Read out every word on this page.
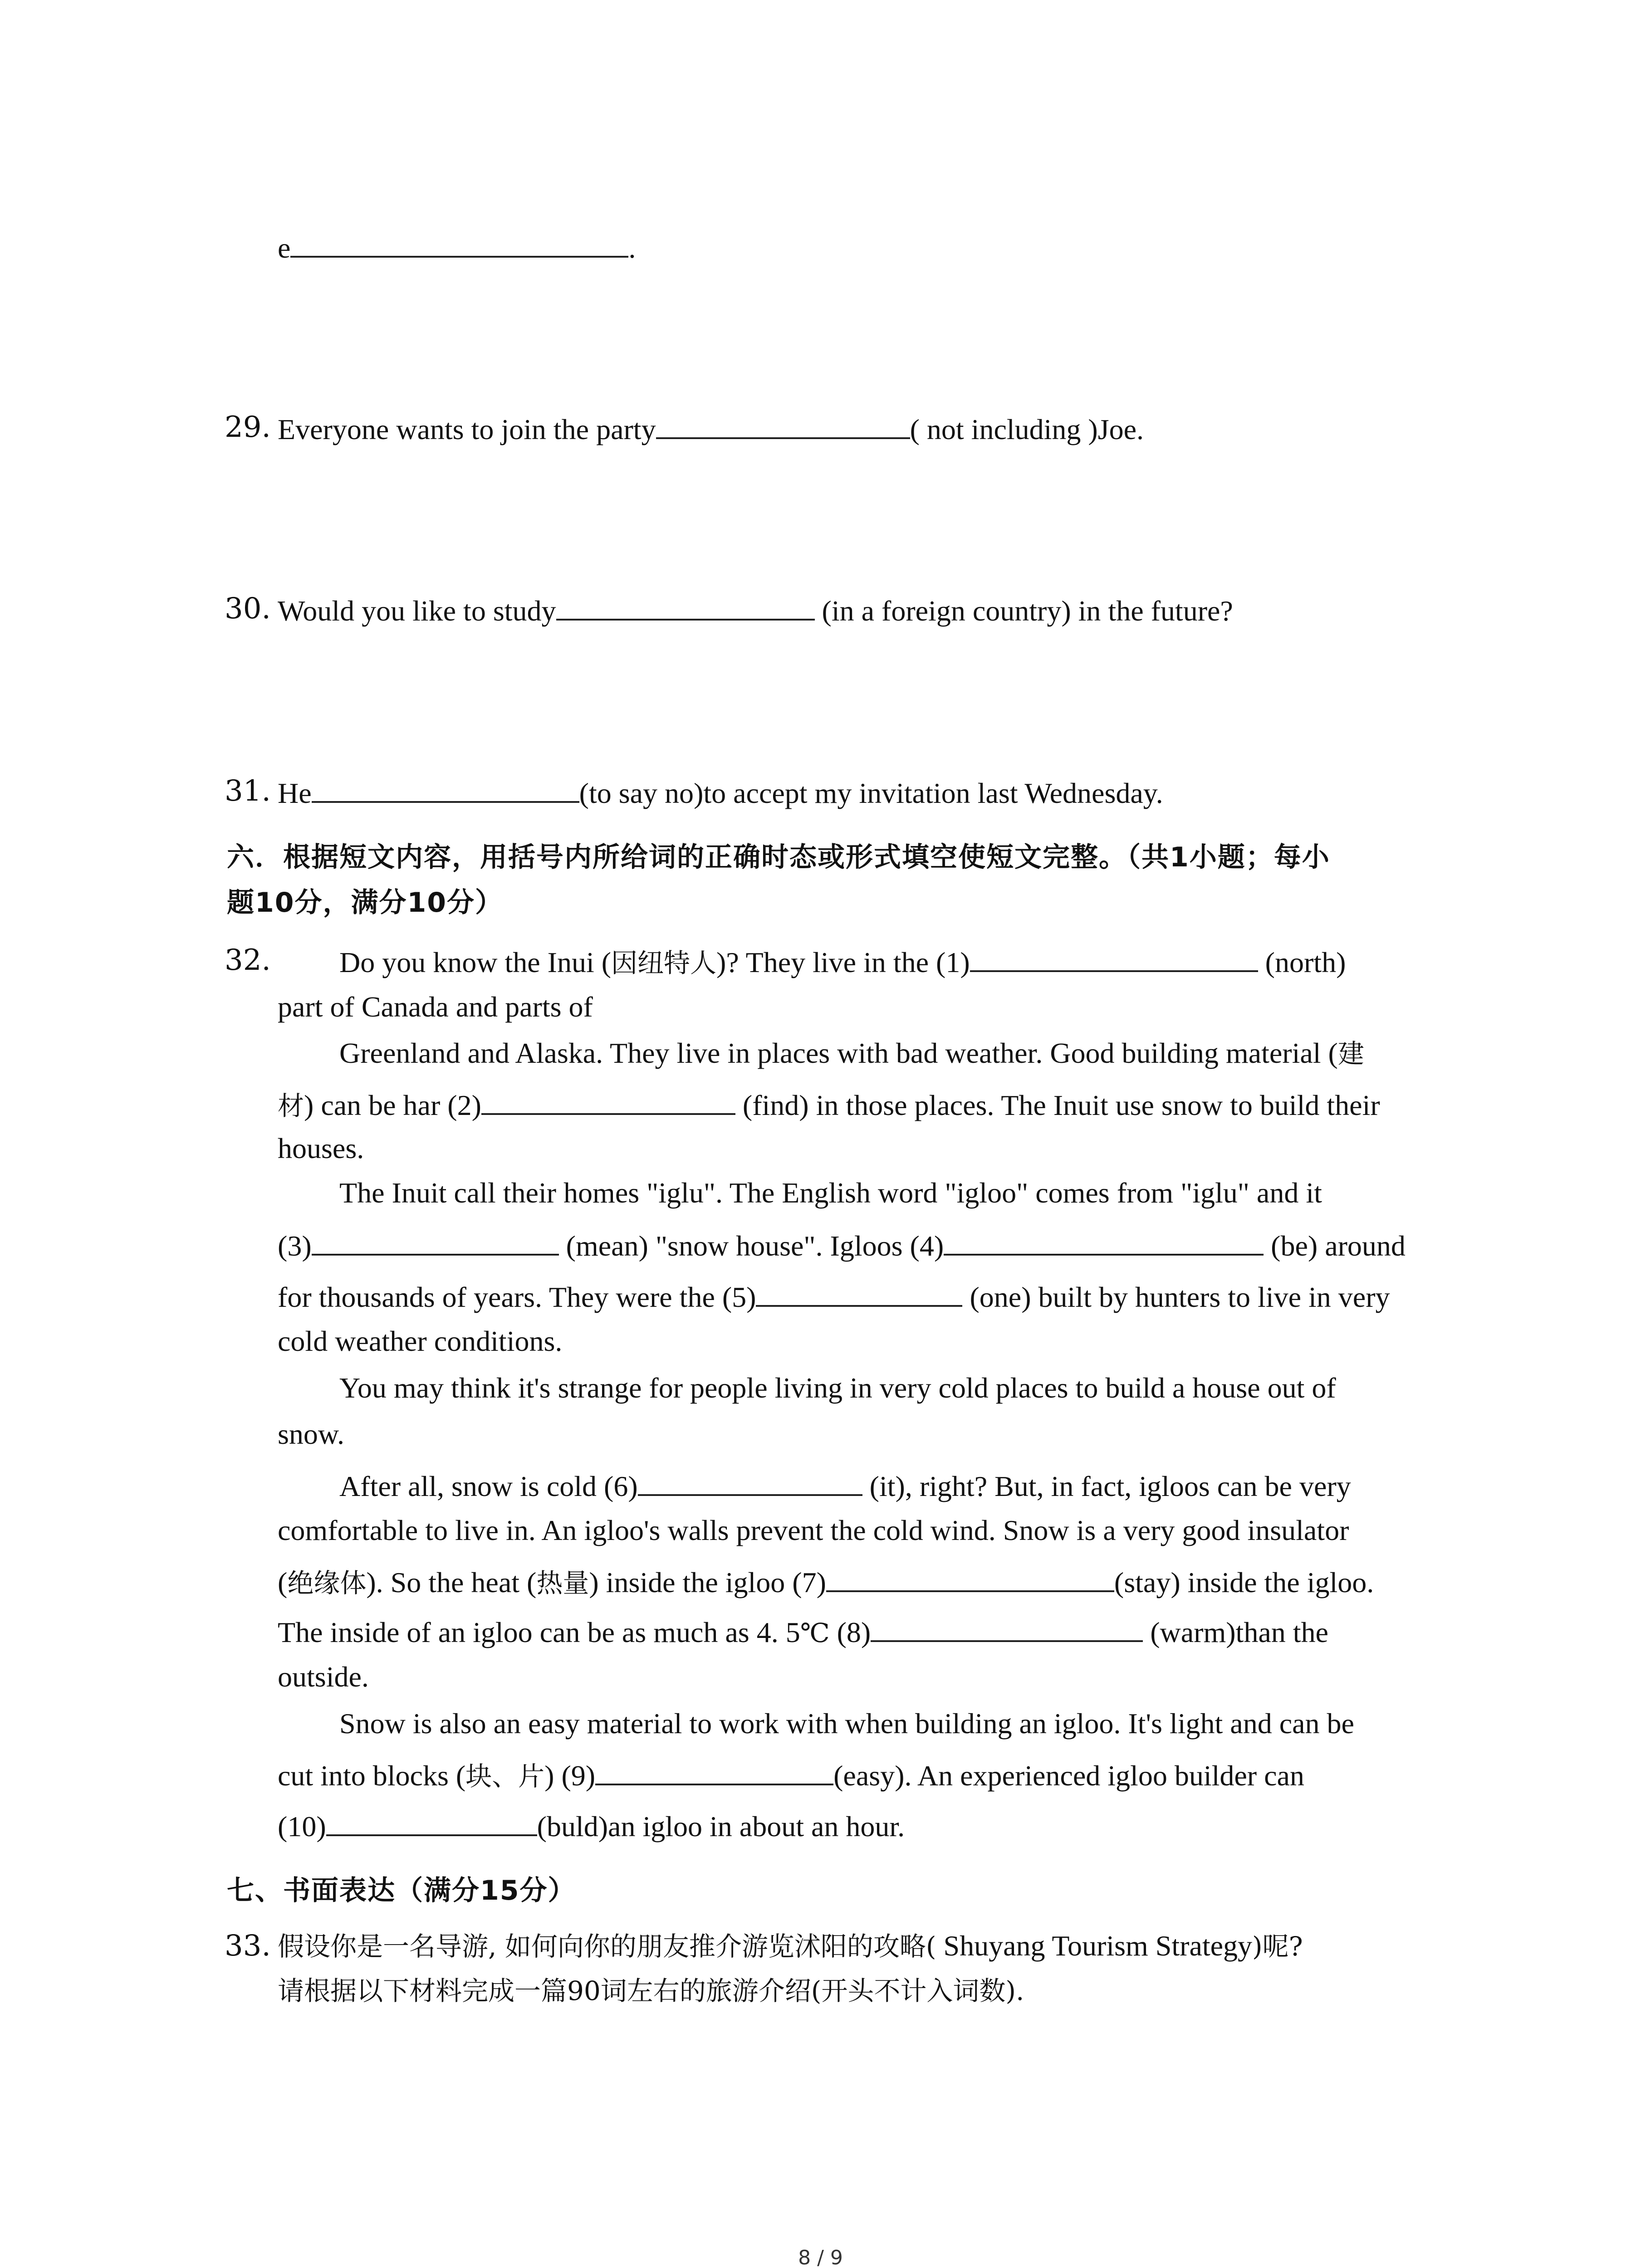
e	.
29. Everyone wants to join the party	( not including )Joe.
30. Would you like to study	(in a foreign country) in the future?
31. He	(to say no)to accept my invitation last Wednesday.
六．根据短文内容，用括号内所给词的正确时态或形式填空使短文完整。（共1小题；每小
题10分，满分10分）
32. Do you know the Inui (因纽特人)? They live in the (1)	(north)
part of Canada and parts of
Greenland and Alaska. They live in places with bad weather. Good building material (建
材) can be har (2)	(find) in those places. The Inuit use snow to build their
houses.
The Inuit call their homes "iglu". The English word "igloo" comes from "iglu" and it
(3)	(mean) "snow house". Igloos (4)	(be) around
for thousands of years. They were the (5)	(one) built by hunters to live in very
cold weather conditions.
You may think it's strange for people living in very cold places to build a house out of
snow.
After all, snow is cold (6)	(it), right? But, in fact, igloos can be very
comfortable to live in. An igloo's walls prevent the cold wind. Snow is a very good insulator
(绝缘体). So the heat (热量) inside the igloo (7)	(stay) inside the igloo.
The inside of an igloo can be as much as 4. 5℃ (8)	(warm)than the
outside.
Snow is also an easy material to work with when building an igloo. It's light and can be
cut into blocks (块、片) (9)	(easy). An experienced igloo builder can
(10)	(buld)an igloo in about an hour.
七、书面表达（满分15分）
33. 假设你是一名导游, 如何向你的朋友推介游览沭阳的攻略( Shuyang Tourism Strategy)呢?
请根据以下材料完成一篇90词左右的旅游介绍(开头不计入词数).
8 / 9
